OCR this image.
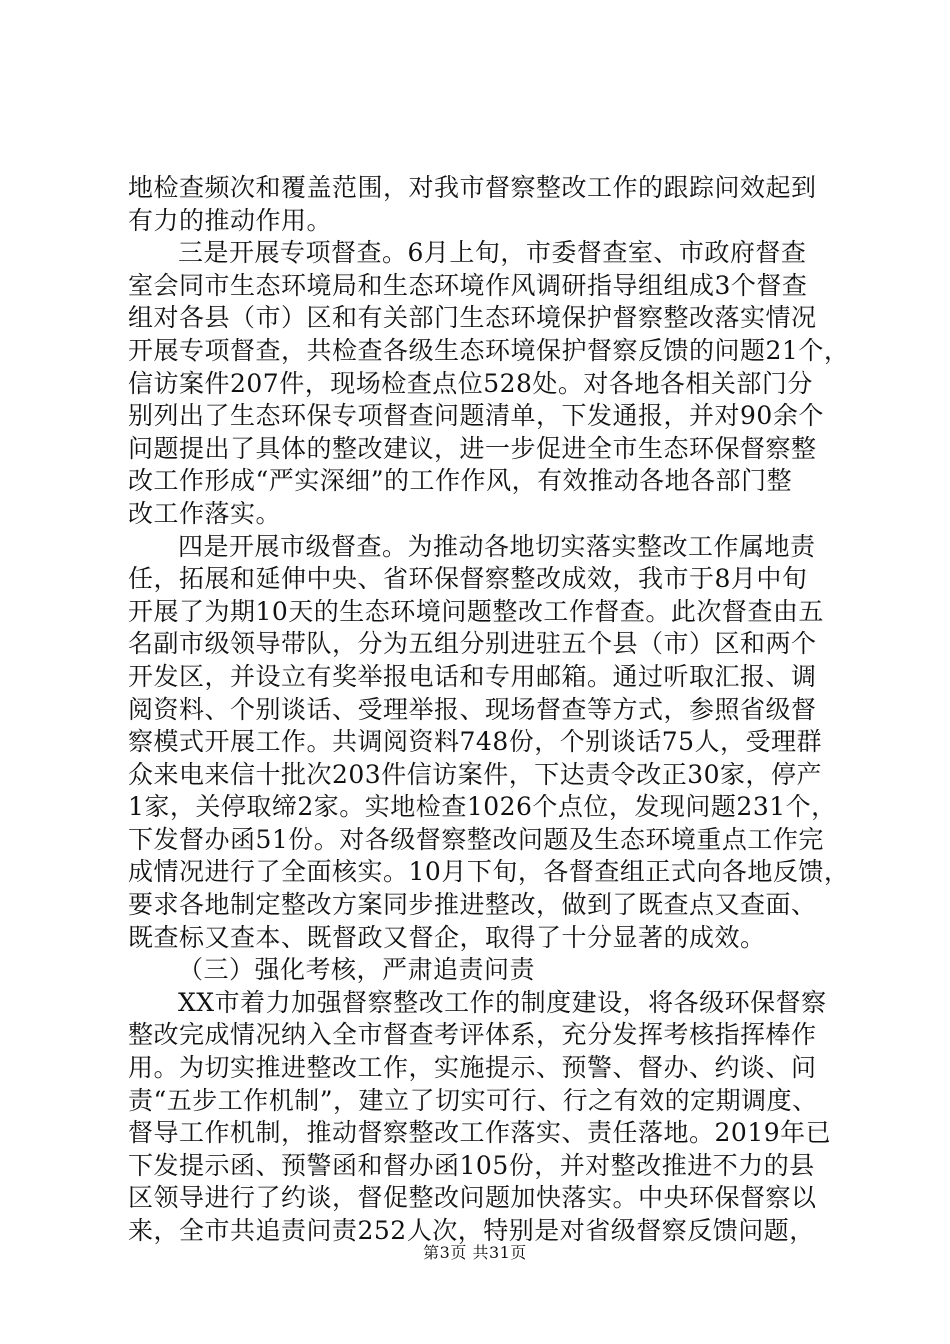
地检查频次和覆盖范围，对我市督察整改工作的跟踪问效起到
有力的推动作用。
三是开展专项督查。6月上旬，市委督查室、市政府督查
室会同市生态环境局和生态环境作风调研指导组组成3个督查
组对各县（市）区和有关部门生态环境保护督察整改落实情况
开展专项督查，共检查各级生态环境保护督察反馈的问题21个，
信访案件207件，现场检查点位528处。对各地各相关部门分
别列出了生态环保专项督查问题清单，下发通报，并对90余个
问题提出了具体的整改建议，进一步促进全市生态环保督察整
改工作形成“严实深细”的工作作风，有效推动各地各部门整
改工作落实。
四是开展市级督查。为推动各地切实落实整改工作属地责
任，拓展和延伸中央、省环保督察整改成效，我市于8月中旬
开展了为期10天的生态环境问题整改工作督查。此次督查由五
名副市级领导带队，分为五组分别进驻五个县（市）区和两个
开发区，并设立有奖举报电话和专用邮箱。通过听取汇报、调
阅资料、个别谈话、受理举报、现场督查等方式，参照省级督
察模式开展工作。共调阅资料748份，个别谈话75人，受理群
众来电来信十批次203件信访案件，下达责令改正30家，停产
1家，关停取缔2家。实地检查1026个点位，发现问题231个，
下发督办函51份。对各级督察整改问题及生态环境重点工作完
成情况进行了全面核实。10月下旬，各督查组正式向各地反馈，
要求各地制定整改方案同步推进整改，做到了既查点又查面、
既查标又查本、既督政又督企，取得了十分显著的成效。
（三）强化考核，严肃追责问责
XX市着力加强督察整改工作的制度建设，将各级环保督察
整改完成情况纳入全市督查考评体系，充分发挥考核指挥棒作
用。为切实推进整改工作，实施提示、预警、督办、约谈、问
责“五步工作机制”，建立了切实可行、行之有效的定期调度、
督导工作机制，推动督察整改工作落实、责任落地。2019年已
下发提示函、预警函和督办函105份，并对整改推进不力的县
区领导进行了约谈，督促整改问题加快落实。中央环保督察以
来，全市共追责问责252人次，特别是对省级督察反馈问题，
第3页 共31页
